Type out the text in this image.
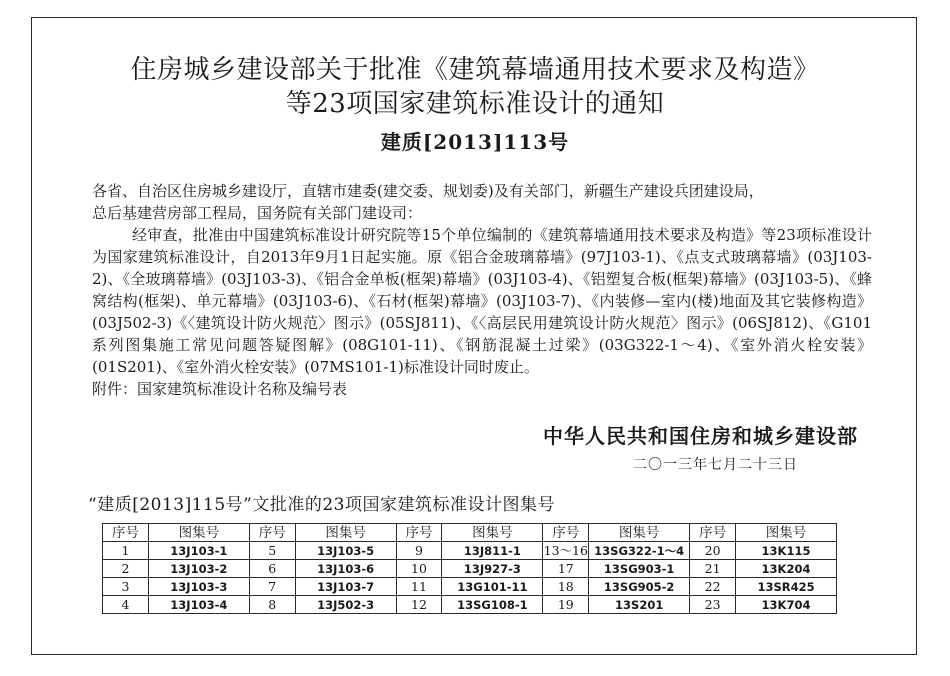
住房城乡建设部关于批准《建筑幕墙通用技术要求及构造》
等23项国家建筑标准设计的通知
建质[2013]113号

各省、自治区住房城乡建设厅，直辖市建委(建交委、规划委)及有关部门，新疆生产建设兵团建设局，

总后基建营房部工程局，国务院有关部门建设司：

经审查，批准由中国建筑标准设计研究院等15个单位编制的《建筑幕墙通用技术要求及构造》等23项标准设计为国家建筑标准设计，自2013年9月1日起实施。原《铝合金玻璃幕墙》(97J103-1)、《点支式玻璃幕墙》(03J103-2)、《全玻璃幕墙》(03J103-3)、《铝合金单板(框架)幕墙》(03J103-4)、《铝塑复合板(框架)幕墙》(03J103-5)、《蜂窝结构(框架)、单元幕墙》(03J103-6)、《石材(框架)幕墙》(03J103-7)、《内装修—室内(楼)地面及其它装修构造》(03J502-3)《〈建筑设计防火规范〉图示》(05SJ811)、《〈高层民用建筑设计防火规范〉图示》(06SJ812)、《G101系列图集施工常见问题答疑图解》(08G101-11)、《钢筋混凝土过梁》(03G322-1～4)、《室外消火栓安装》(01S201)、《室外消火栓安装》(07MS101-1)标准设计同时废止。

附件：国家建筑标准设计名称及编号表

中华人民共和国住房和城乡建设部
二〇一三年七月二十三日
“建质[2013]115号”文批准的23项国家建筑标准设计图集号
序号	图集号	序号	图集号	序号	图集号	序号	图集号	序号	图集号
1	13J103-1	5	13J103-5	9	13J811-1	13～16	13SG322-1～4	20	13K115
2	13J103-2	6	13J103-6	10	13J927-3	17	13SG903-1	21	13K204
3	13J103-3	7	13J103-7	11	13G101-11	18	13SG905-2	22	13SR425
4	13J103-4	8	13J502-3	12	13SG108-1	19	13S201	23	13K704
